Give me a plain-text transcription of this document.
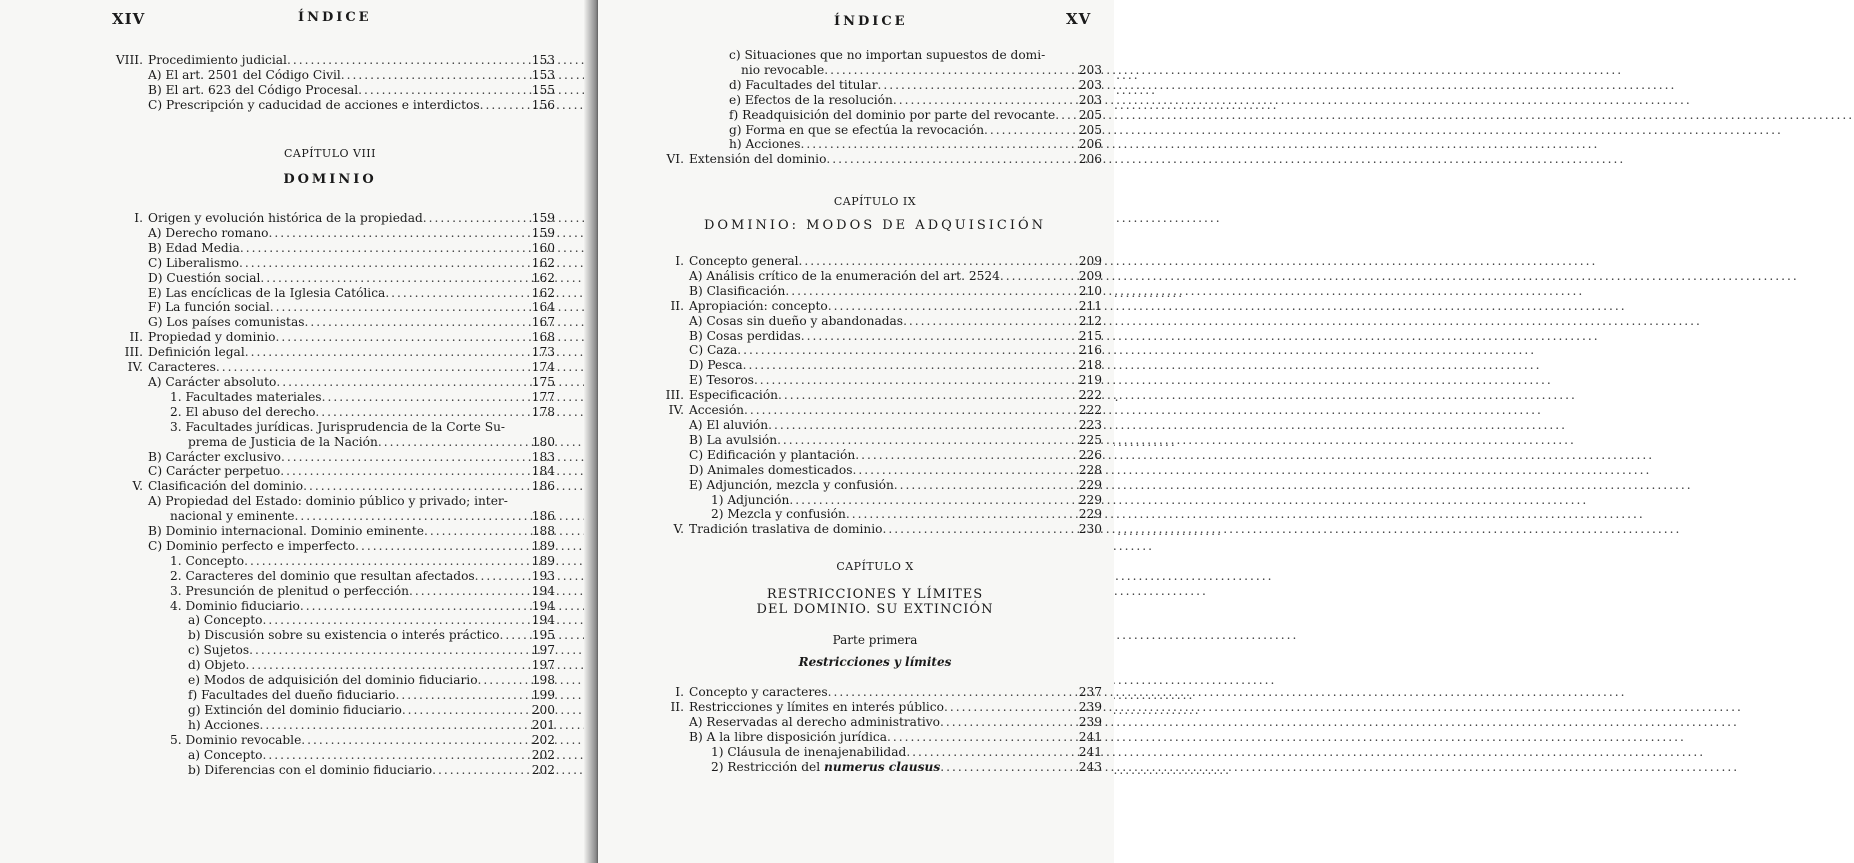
XIV	ÍNDICE
VIII. Procedimiento judicial .....	153
A) El art. 2501 del Código Civil .....	153
B) El art. 623 del Código Procesal .....	155
C) Prescripción y caducidad de acciones e interdictos .....	156
CAPÍTULO VIII
DOMINIO
I. Origen y evolución histórica de la propiedad .....	159
A) Derecho romano .....	159
B) Edad Media .....	160
C) Liberalismo .....	162
D) Cuestión social .....	162
E) Las encíclicas de la Iglesia Católica .....	162
F) La función social .....	164
G) Los países comunistas .....	167
II. Propiedad y dominio .....	168
III. Definición legal .....	173
IV. Caracteres .....	174
A) Carácter absoluto .....	175
1. Facultades materiales .....	177
2. El abuso del derecho .....	178
3. Facultades jurídicas. Jurisprudencia de la Corte Su-
prema de Justicia de la Nación .....	180
B) Carácter exclusivo .....	183
C) Carácter perpetuo .....	184
V. Clasificación del dominio .....	186
A) Propiedad del Estado: dominio público y privado; inter-
nacional y eminente .....	186
B) Dominio internacional. Dominio eminente .....	188
C) Dominio perfecto e imperfecto .....	189
1. Concepto .....	189
2. Caracteres del dominio que resultan afectados .....	193
3. Presunción de plenitud o perfección .....	194
4. Dominio fiduciario .....	194
a) Concepto .....	194
b) Discusión sobre su existencia o interés práctico .....	195
c) Sujetos .....	197
d) Objeto .....	197
e) Modos de adquisición del dominio fiduciario .....	198
f) Facultades del dueño fiduciario .....	199
g) Extinción del dominio fiduciario .....	200
h) Acciones .....	201
5. Dominio revocable .....	202
a) Concepto .....	202
b) Diferencias con el dominio fiduciario .....	202
ÍNDICE	XV
c) Situaciones que no importan supuestos de domi-
nio revocable .....	203
d) Facultades del titular .....	203
e) Efectos de la resolución .....	203
f) Readquisición del dominio por parte del revocante .....	205
g) Forma en que se efectúa la revocación .....	205
h) Acciones .....	206
VI. Extensión del dominio .....	206
CAPÍTULO IX
DOMINIO: MODOS DE ADQUISICIÓN
I. Concepto general .....	209
A) Análisis crítico de la enumeración del art. 2524 .....	209
B) Clasificación .....	210
II. Apropiación: concepto .....	211
A) Cosas sin dueño y abandonadas .....	212
B) Cosas perdidas .....	215
C) Caza .....	216
D) Pesca .....	218
E) Tesoros .....	219
III. Especificación .....	222
IV. Accesión .....	222
A) El aluvión .....	223
B) La avulsión .....	225
C) Edificación y plantación .....	226
D) Animales domesticados .....	228
E) Adjunción, mezcla y confusión .....	229
1) Adjunción .....	229
2) Mezcla y confusión .....	229
V. Tradición traslativa de dominio .....	230
CAPÍTULO X
RESTRICCIONES Y LÍMITES
DEL DOMINIO. SU EXTINCIÓN
Parte primera
Restricciones y límites
I. Concepto y caracteres .....	237
II. Restricciones y límites en interés público .....	239
A) Reservadas al derecho administrativo .....	239
B) A la libre disposición jurídica .....	241
1) Cláusula de inenajenabilidad .....	241
2) Restricción del numerus clausus .....	243
